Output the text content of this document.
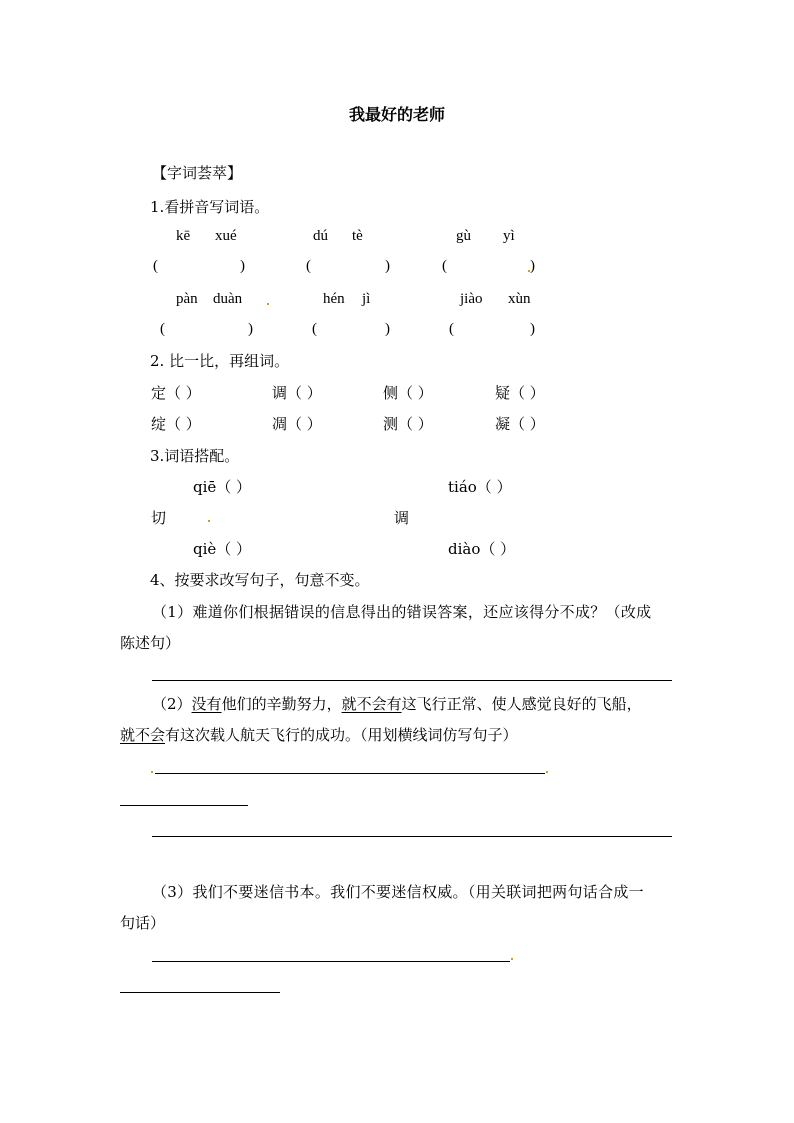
我最好的老师
【字词荟萃】
1.看拼音写词语。
kē xué	dú tè	gù yì
(	)	(	)	(	)
pàn duàn	hén jì	jiào xùn
(	)	(	)	(	)
2. 比一比，再组词。
定（ ）	调（ ）	侧（ ）	疑（ ）
绽（ ）	凋（ ）	测（ ）	凝（ ）
3.词语搭配。
qiē（ ）	tiáo（ ）
切	调
qiè（ ）	diào（ ）
4、按要求改写句子，句意不变。
（1）难道你们根据错误的信息得出的错误答案，还应该得分不成？（改成
陈述句）
（2）没有他们的辛勤努力，就不会有这飞行正常、使人感觉良好的飞船，
就不会有这次载人航天飞行的成功。（用划横线词仿写句子）
（3）我们不要迷信书本。我们不要迷信权威。（用关联词把两句话合成一
句话）
